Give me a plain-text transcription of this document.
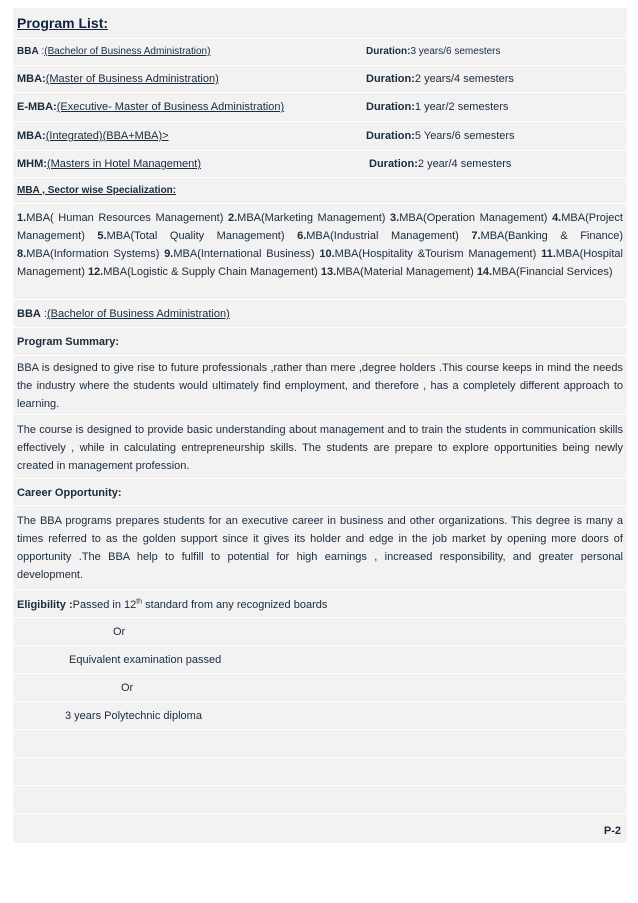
Program List:
BBA :(Bachelor of Business Administration)	Duration:3 years/6 semesters
MBA:(Master of Business Administration)	Duration:2 years/4 semesters
E-MBA:(Executive- Master of Business Administration)	Duration:1 year/2 semesters
MBA:(Integrated)(BBA+MBA)>	Duration:5 Years/6 semesters
MHM:(Masters in Hotel Management)	Duration:2 year/4 semesters
MBA , Sector wise Specialization:
1.MBA( Human Resources Management) 2.MBA(Marketing Management) 3.MBA(Operation Management) 4.MBA(Project Management) 5.MBA(Total Quality Management) 6.MBA(Industrial Management) 7.MBA(Banking & Finance) 8.MBA(Information Systems) 9.MBA(International Business) 10.MBA(Hospitality &Tourism Management) 11.MBA(Hospital Management) 12.MBA(Logistic & Supply Chain Management) 13.MBA(Material Management) 14.MBA(Financial Services)
BBA :(Bachelor of Business Administration)
Program Summary:
BBA is designed to give rise to future professionals ,rather than mere ,degree holders .This course keeps in mind the needs the industry where the students would ultimately find employment, and therefore , has a completely different approach to learning.
The course is designed to provide basic understanding about management and to train the students in communication skills effectively , while in calculating entrepreneurship skills. The students are prepare to explore opportunities being newly created in management profession.
Career Opportunity:
The BBA programs prepares students for an executive career in business and other organizations. This degree is many a times referred to as the golden support since it gives its holder and edge in the job market by opening more doors of opportunity .The BBA help to fulfill to potential for high earnings , increased responsibility, and greater personal development.
Eligibility :Passed in 12th standard from any recognized boards
Or
Equivalent examination passed
Or
3 years Polytechnic diploma
P-2
